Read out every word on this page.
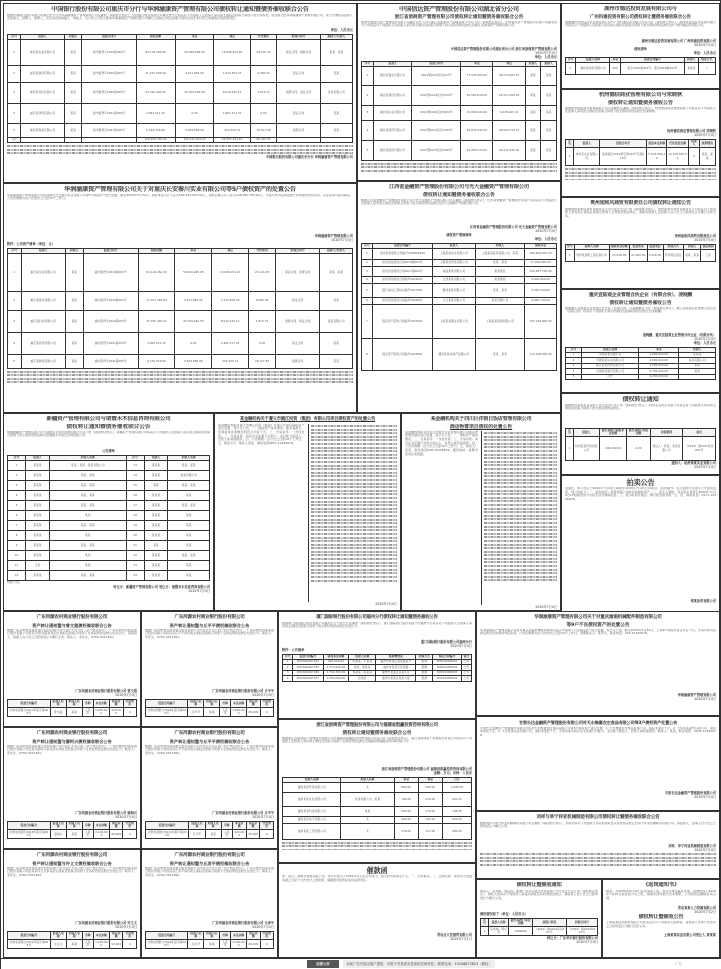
中国银行股份有限公司重庆市分行与华润渝康资产管理有限公司债权转让通知暨债务催收联合公告
根据中国银行股份有限公司重庆市分行与华润渝康资产管理有限公司签署的《债权转让协议》，中国银行股份有限公司重庆市分行将其对下列借款人及担保人享有的主债权及担保合同项下的全部权利，依法转让给华润渝康资产管理有限公司。现公告通知各借款人及担保人、抵押人、质押人，及其各自的承继人、承接人，从公告之日起立即向华润渝康资产管理有限公司履行主债权合同及担保合同约定的还本付息义务或相应的担保责任。
单位：人民币元
序号	借款人	担保人	借款合同号	债权金额	本金	利息	代垫费用	担保合同号	抵押人/出质人
1	重庆某实业有限公司	某某	渝中银贷字2019第001号	64,118,264.00	50,999,995.05	13,096,154.20	20,116.05	保证合同、抵押合同	某某、某某
2	重庆某建设有限公司	某某	渝中银贷字2020第002号	11,197,364.99	9,271,864.56	1,914,300.43	6,000.00	保证合同	某某
3	重庆某科技有限公司	某某	渝中银贷字2020第003号	43,790,426.42	35,769,426.58	8,019,125.12	1,874.72	抵押合同、保证合同	某某有限公司
4	重庆某商贸有限公司	某某	渝中银贷字2021第004号	1,861,511.32	0.00	1,861,511.32	0.00	保证合同	某某
5	重庆某物流有限公司	某某	渝中银贷字2021第005号	6,162,316.89	5,649,668.58	422,520.74	76,127.56	抵押合同	某某
合计				126,290,700.62	102,243,003.02	23,957,424.81	90,225.35		
中国银行股份有限公司重庆市分行 华润渝康资产管理有限公司
华润渝康资产管理有限公司关于对重庆长安秦川实业有限公司等5户债权资产的处置公告
华润渝康资产管理有限公司拟对重庆长安秦川实业有限公司等5户债权资产进行处置。截至2020年5月31日，债权本金合计人民币102,243,003.02元，债权总额合计人民币126,290,700.62元。交易对象为法律法规允许的境内外投资者。有意者请与我司联系。公告有效期为自公告发布之日起10个工作日。
华润渝康资产管理有限公司
2020年7月4日
附件：公告资产清单（单位：元）
序号	借款人	担保人	借款合同号	债权金额	本金	利息	代垫费用	担保合同号	抵押人/出质人
1	重庆某实业有限公司	某某	渝中银贷字2019第001号	64,118,264.00	50,999,995.05	13,096,154.20	20,116.05	保证合同、抵押合同	某某、某某
2	重庆某建设有限公司	某某	渝中银贷字2020第002号	11,197,364.99	9,271,864.56	1,914,300.43	6,000.00	保证合同	某某
3	重庆某科技有限公司	某某	渝中银贷字2020第003号	43,790,426.42	35,769,426.58	8,019,125.12	1,874.72	抵押合同、保证合同	某某有限公司
4	重庆某商贸有限公司	某某	渝中银贷字2021第004号	1,861,511.32	0.00	1,861,511.32	0.00	保证合同	某某
5	重庆某物流有限公司	某某	渝中银贷字2021第005号	6,162,316.89	5,649,668.58	422,520.74	76,127.56	抵押合同	某某
中国信达资产管理股份有限公司湖北省分公司
浙江省浙商资产管理有限公司债权转让通知暨债务催收联合公告
根据中国信达资产管理股份有限公司湖北省分公司与浙江省浙商资产管理有限公司签订的《债权转让协议》，中国信达资产管理股份有限公司湖北省分公司将其对下列借款人及担保人享有的主债权及担保合同项下的全部权利依法转让给浙江省浙商资产管理有限公司。
中国信达资产管理股份有限公司湖北省分公司 浙江省浙商资产管理有限公司
2020年7月4日
单位：人民币元
序号	借款人	借款合同号	本金	利息	担保人	抵押人
1	湖北某置业有限公司	2021鄂0103民初123号	77,935,563.00	46,072,000.67	某某	某某
2	湖北某建设有限公司	2021鄂0102民初7630号	36,564,818.00	25,557,450.44	某某	某某
3	湖北某实业有限公司	2021鄂0106民初5620号	25,899,500.00	9,238,265.91	某某	某某
4	湖北某商贸有限公司	2021鄂0103民初7163号	29,675,545.00	28,603,310.21	某某	某某
5	湖北某投资有限公司	2021鄂0103民初1569号	29,959,574.62	26,241,646.45	某某	某某
江西省金融资产管理股份有限公司与光大金融资产管理有限公司
债权转让通知暨债务催收联合公告
根据江西省金融资产管理股份有限公司与光大金融资产管理有限公司签署的《债权转让协议》，江西省金融资产管理股份有限公司将其对下列借款人及担保人享有的主债权及担保合同项下的全部权利依法转让给光大金融资产管理有限公司。
江西省金融资产管理股份有限公司 光大金融资产管理有限公司
2020年7月4日
债权资产明细清单
单位：人民币元
序号	借款合同编号	借款人	担保人	债权本金
1	流动资金借款合同编号XYJ0891920	上海某某实业有限公司	上海某某投资有限公司、某某	245,400,000.00
2	流动资金借款合同2018第001号	上海某某贸易有限公司	某某、某某	27,900,000.00
3	流动资金借款合同2017第002号	南昌某某有限公司	某某某某	105,467,700.00
4	流动资金借款合同编号2019001	江西某某有限公司	某某集团	9,000,000.00
5	银行承兑汇票协议编号2017001	赣州某某有限公司	某某、某某	4,495,500.00
6	流动资金借款合同编号2018001	九江某某有限公司	某某有限公司	6,980,700.00
7	固定资产借款合同编号2015001	上海某某置业有限公司	上海某某集团有限公司	705,199,900.00
8	固定资产借款合同编号2016001	赣州某某房地产有限公司	某某、某某	113,308,956.40
湖州市德达投资发展有限公司与
广州科通投资有限公司债权转让暨债务催收联合公告
根据湖州市德达投资发展有限公司与广州科通投资有限公司签订的《债权转让协议》，湖州市德达投资发展有限公司将其对下列借款人及担保人享有的主债权及担保合同项下的全部权利依法转让给广州科通投资有限公司。
湖州市德达投资发展有限公司 广州科通投资有限公司
2020年7月4日
债权清单
单位：人民币元
序号	借款人名称	本金	借款合同编号	担保人	保证方式
1	湖州某纺织有限公司	500	借字2019第001号、借字2019第002号	某某某	/
杭州德信商业管理有限公司与荣晓秋
债权转让通知暨债务催收公告
根据杭州德信商业管理有限公司与荣晓秋签署的《债权转让协议》，杭州德信商业管理有限公司将其对下列借款人及担保人享有的主债权及担保合同项下的全部权利依法转让给荣晓秋。
杭州德信商业管理有限公司 荣晓秋
2020年7月4日
序号	借款人	借款合同号	借款本金余额	代位追偿金额	担保人	抵押情况
1	杭州某实业有限公司	浙商银行2019贷字第001号至第010号	5,423,896.39	14,108,053.00	0	某某、某某
贵州旭和风商贸有限责任公司债权转让通知公告
根据贵州旭和风商贸有限责任公司与受让方签订的《债权转让协议》，贵州旭和风商贸有限责任公司将其对下列借款人享有的主债权及担保合同项下全部权利依法转让。请相关借款人及担保人自公告之日起向受让方履行还款义务。
贵州旭和风商贸有限责任公司
2020年7月4日
序号	债务人名称	债权本金余额	借款本金	借款利息	担保方式	担保人	保证期间
1	贵州某建筑工程有限公司	23,526.00	21,000.00	2,526.00	连带责任保证	某某、某某	三年
重庆宜陆观企业管理合伙企业（有限合伙）、凌晓鹏
债权转让通知暨债务催收公告
根据重庆宜陆观企业管理合伙企业（有限合伙）与凌晓鹏签订的《债权转让协议》，重庆宜陆观企业管理合伙企业（有限合伙）将其对下列借款人享有的债权及担保权利依法转让给凌晓鹏。
凌晓鹏、重庆宜陆观企业管理合伙企业（有限合伙）
2020年7月4日
单位：人民币元
序号	借款人名称	本金	担保人
1	中国某某有限公司	1,000,000.00	某某某
2	中国某某实业有限公司	2,000,000.00	某某有限公司
3	重庆某某科技有限公司	3,500,000.00	某某
4	中国某某建设有限公司	2,700,000.00	某某
5	合计	9,200,000.00	
债权转让通知
根据杭州某某实业有限公司与受让方签订的《债权转让协议》，杭州某某实业有限公司将其对下列借款人享有的主债权及担保合同项下的全部权利依法转让。
序号	借款人	截至基准日债权本金余额	截至基准日利息余额	担保情况	备注
1	杭州某某贸易有限公司	100,000.00	0.00	保证人：某某、某某有限公司	（2019）浙0102民初001号
通知人：杭州某某实业有限公司
2020年7月4日
拍卖公告
受委托，本公司定于2020年7月20日10时至2020年7月21日10时止（延时除外）在公拍网平台进行公开拍卖活动，现公告如下：一、拍卖标的：某某有限公司持有的债权资产。二、竞买人须知：有意竞买者请于2020年7月19日17时前登录平台报名并交纳保证金。三、展示时间及地点：即日起至拍卖前一日。四、联系电话：0571-12345678。
某某拍卖有限公司
新疆资产管理有限公司与诸暨禾木信息咨询有限公司
债权转让通知暨债务催收联合公告
根据新疆资产管理有限公司与诸暨禾木信息咨询有限公司签订的《债权转让协议》，新疆资产管理有限公司将其对下列借款人及担保人享有的主债权及担保合同项下的全部权利依法转让给诸暨禾木信息咨询有限公司。
公告清单
序号	借款人	担保人名称	序号	借款人	担保人名称
1	某某某	某某、某某、某某有限公司	13	某某某	某某、某某
2	某某某	某某、某某	14	某某某	某某有限公司
3	某某某	某某、某某	15	某某	某某、某某
4	某某某	某某、某某	16	某某某	某某
5	某某某	某某、某某	17	某某某	某某、某某
6	某某某	某某	18	某某某	某某
7	某某某	某某、某某	19	某某某	某某
8	某某某	某某	20	某某某	某某
9	某某某	某某、某某	21	某某	某某
10	某某某	某某	22	某某某	某某、某某
11	王某	某某	23	某某某	某某
12	某某某	某某、某某	24	某某某	某某
特此公告。
转让方：新疆资产管理有限公司 受让方：诸暨禾木信息咨询有限公司
2020年7月4日
某金融机构关于遵义市湘江投资（集团）有限公司项目债权资产的处置公告
某金融机构拟对遵义市湘江投资（集团）有限公司项目债权资产进行处置，现予以公告。一、债权资产基本情况：截至基准日，该债权本金余额及利息合计若干元。二、交易条件：一次性付款。三、交易对象：具有完全民事行为能力、支付能力的法人、自然人或其他组织。四、公告期限：自公告之日起10个工作日。五、联系方式：联系人某某，联系电话0851-12345678。
2020年7月4日
某金融机构关于四川巨洋假日饭店管理有限公司
酒店物管项目债权的处置公告
某金融机构拟对四川巨洋假日饭店管理有限公司酒店物管项目债权进行处置，现予以公告。一、债权资产基本情况。二、交易条件：一次性付款。三、交易对象：具有完全民事行为能力的法人、自然人或其他组织。四、公告有效期：自公告之日起10个工作日。五、联系人：某某，联系电话028-12345678，通讯地址：成都市某某区某某路。
2020年7月4日
广东河源农村商业银行股份有限公司
资产转让通知暨与曾文超债权催收联合公告
根据广东河源农村商业银行股份有限公司与受让方签订的《资产转让协议》，广东河源农村商业银行股份有限公司将其对曾文超享有的主债权及担保合同项下全部权利依法转让给受让方。请借款人、担保人自公告之日起向受让方履行义务。联系人：李先生，0762-3327362。
广东河源农村商业银行股份有限公司 曾文超
2020年7月4日
借款合同编号	借款人名称	担保人名称	币种	本金余额	利息余额	代垫费用
河源农商银行2017年借字第001号	曾文超	某某	人民币	3,280,000	120,000	0
广东河源农村商业银行股份有限公司
资产转让通知暨与丘平平债权催收联合公告
根据广东河源农村商业银行股份有限公司与受让方签订的《资产转让协议》，广东河源农村商业银行股份有限公司将其对丘平平享有的主债权及担保合同项下全部权利依法转让给受让方。联系人：李先生，0762-3327362。
广东河源农村商业银行股份有限公司 丘平平
2020年7月4日
借款合同编号	借款人名称	担保人名称	币种	本金余额	利息余额	代垫费用
河源农商银行2018年借字第002号	丘平平	某某	人民币	1,860,000	95,000	0
广东河源农村商业银行股份有限公司
资产转让通知暨与廖柯兴债权催收联合公告
根据广东河源农村商业银行股份有限公司与受让方签订的《资产转让协议》，广东河源农村商业银行股份有限公司将其对廖柯兴享有的主债权及担保合同项下全部权利依法转让给受让方。联系人：李先生，0762-3327362。
广东河源农村商业银行股份有限公司 廖柯兴
2020年7月4日
借款合同编号	借款人名称	担保人名称	币种	本金余额	利息余额	代垫费用
河源农商银行2018年借字第003号	廖柯兴	某某	人民币	2,100,000	88,000	0
广东河源农村商业银行股份有限公司
资产转让通知暨与丘平平债权催收联合公告
根据广东河源农村商业银行股份有限公司与受让方签订的《资产转让协议》，广东河源农村商业银行股份有限公司将其对丘平平享有的主债权及担保合同项下全部权利依法转让给受让方。联系人：李先生，0762-3327362。
广东河源农村商业银行股份有限公司 丘平平
2020年7月4日
借款合同编号	借款人名称	担保人名称	币种	本金余额	利息余额	代垫费用
河源农商银行2019年借字第004号	丘平平	某某	人民币	900,000	36,000	0
广东河源农村商业银行股份有限公司
资产转让通知暨与许义文债权催收联合公告
根据广东河源农村商业银行股份有限公司与受让方签订的《资产转让协议》，广东河源农村商业银行股份有限公司将其对许义文享有的主债权及担保合同项下全部权利依法转让给受让方。联系人：李先生，0762-3327362。
广东河源农村商业银行股份有限公司 许义文
2020年7月4日
借款合同编号	借款人名称	担保人名称	币种	本金余额	利息余额	代垫费用
河源农商银行2019年借字第005号	许义文	某某	人民币	1,200,000	52,000	0
广东河源农村商业银行股份有限公司
资产转让通知暨与丘彦平债权催收联合公告
根据广东河源农村商业银行股份有限公司与受让方签订的《资产转让协议》，广东河源农村商业银行股份有限公司将其对丘彦平享有的主债权及担保合同项下全部权利依法转让给受让方。联系人：李先生，0762-3327362。
广东河源农村商业银行股份有限公司 丘彦平
2020年7月4日
借款合同编号	借款人名称	担保人名称	币种	本金余额	利息余额	代垫费用
河源农商银行2019年借字第006号	丘彦平	某某	人民币	1,500,000	60,000	0
厦门国际银行股份有限公司福州分行债权转让通知暨债务催收公告
根据厦门国际银行股份有限公司福州分行与受让方签署的《债权转让协议》，厦门国际银行股份有限公司福州分行将其对下列借款人及担保人享有的主债权及担保合同项下的全部权利依法转让给受让方。
厦门国际银行股份有限公司福州分行
2020年7月4日
附件：公告清单
序号	借款合同编号	债权本金余额	借款人名称	抵押物情况	担保方式	保证合同编号	备注
1	XM2020ZGY034	420,000.00	陈某某、卢某某	福州市某某区某某路某号	抵押	XM2020DB001	已诉
2	XM2020ZGY035	1,310,000.00	林某、陈某某	福州市某某区某某路	抵押	XM2020DB002	已诉
3	XM2020ZGY036	1,740,300.00	郑某某、陈某某	福州市某某区某某小区	抵押	XM2020DB003	已诉
4	XM2020ZGY037	2,050,000.00	吴某某	福州市某某区某某大厦	抵押	XM2020DB004	已诉
浙江省浙商资产管理股份有限公司与福建省凯赢投资咨询有限公司
债权转让通知暨债务催收联合公告
根据浙江省浙商资产管理股份有限公司与福建省凯赢投资咨询有限公司签订的《债权转让协议》，浙江省浙商资产管理股份有限公司将其对下列借款人及担保人享有的主债权及担保合同项下全部权利依法转让给福建省凯赢投资咨询有限公司。
浙江省浙商资产管理股份有限公司 福建省凯赢投资咨询有限公司
金额：万元；币种：人民币
借款人名称	担保人名称	本金	利息	合计
福州某某贸易有限公司	无	800.00	298.00	1,098.00
福州某某实业有限公司	某某有限公司、某某	700.00	210.00	910.00
福州某某科技有限公司	某某	560.00	178.00	738.00
福州某某电子有限公司	无	400.00	102.00	502.00
福州某某工贸有限公司	无	378.00	117.00	495.00
催款函
致：湛江广润物业管理有限公司。贵司与我司于2019年签订的合同项下，尚欠我司款项若干元。一、欠款事实。二、法律后果：请贵司于收到本函之日起十日内支付上述款项，逾期我司将依法追究法律责任。
青岛北大荒商贸有限公司
2020年7月1日
华润渝康资产管理有限公司关于对重庆渝南机械配件制造有限公司
等9户不良债权资产的处置公告
华润渝康资产管理有限公司拟对重庆渝南机械配件制造有限公司等9户不良债权资产进行处置，现予以公告。截至2020年5月31日，上述9户债权本金合计若干元。交易对象为法律法规允许的境内外投资者。公告有效期为自公告发布之日起10个工作日。受理联系人：某先生，联系电话：023-12345678。
华润渝康资产管理有限公司
2020年7月4日
甘肃长达金融资产管理股份有限公司对天水维嘉农庄食品有限公司等3户债权资产处置公告
甘肃长达金融资产管理股份有限公司拟对天水维嘉农庄食品有限公司等3户债权资产进行处置。1. 天水维嘉农庄食品有限公司，债权本金若干元。2. 天水某某商贸有限公司，债权本金若干元。3. 天水某某实业有限公司，债权本金若干元。交易对象为具有完全民事行为能力、支付能力的法人、自然人或其他组织。联系人：某某，联系电话：0931-12345678。
甘肃长达金融资产管理股份有限公司
2020年7月4日
刘祥与阜宁祥亚机械制造有限公司债权转让暨债务催收联合公告
根据刘祥与阜宁祥亚机械制造有限公司签署的《债权转让协议》，刘祥将其对下列借款人享有的债权及从权利依法转让给阜宁祥亚机械制造有限公司。请借款人、担保人自公告之日起向受让方履行义务。
刘祥、阜宁祥亚机械制造有限公司
2020年7月4日
债权转让暨催收通知
债务人：张雪梅、周运涛。根据广东华兴银行股份有限公司与受让方签订的《债权转让协议》，债权人将其对下列债务人享有的债权及从权利依法转让。请债务人自公告之日起向受让方履行义务。
债权情况如下（单位：人民币元）
序号	借款人名称	截至基准日本金余额	基准日利息	担保合同号
1	张雪梅、周运涛	1260000	（2019）粤0104民初001号	（2019）粤0104执001号
转让方：广东华兴银行股份有限公司
2020年7月4日
《返岗通知书》
韩某：自2020年6月12日起未到岗上班，经多次电话联系未果。现通知你于2020年7月10日前返回公司上班，逾期未返岗视为自动离职，公司将依法解除劳动合同。
青岛某某人力资源有限公司
2020年7月2日
债权转让暨催收公告
上海某某信息服务有限公司依法受让对下列债务人的债权。请债务人自本公告发布之日起向受让方履行还款义务。
上海某某信息有限公司受让人 某某某
法律公告	本版广告内容由客户提供，本报不对其真实性承担法律责任。联系电话：15208872823（微信）	广告
